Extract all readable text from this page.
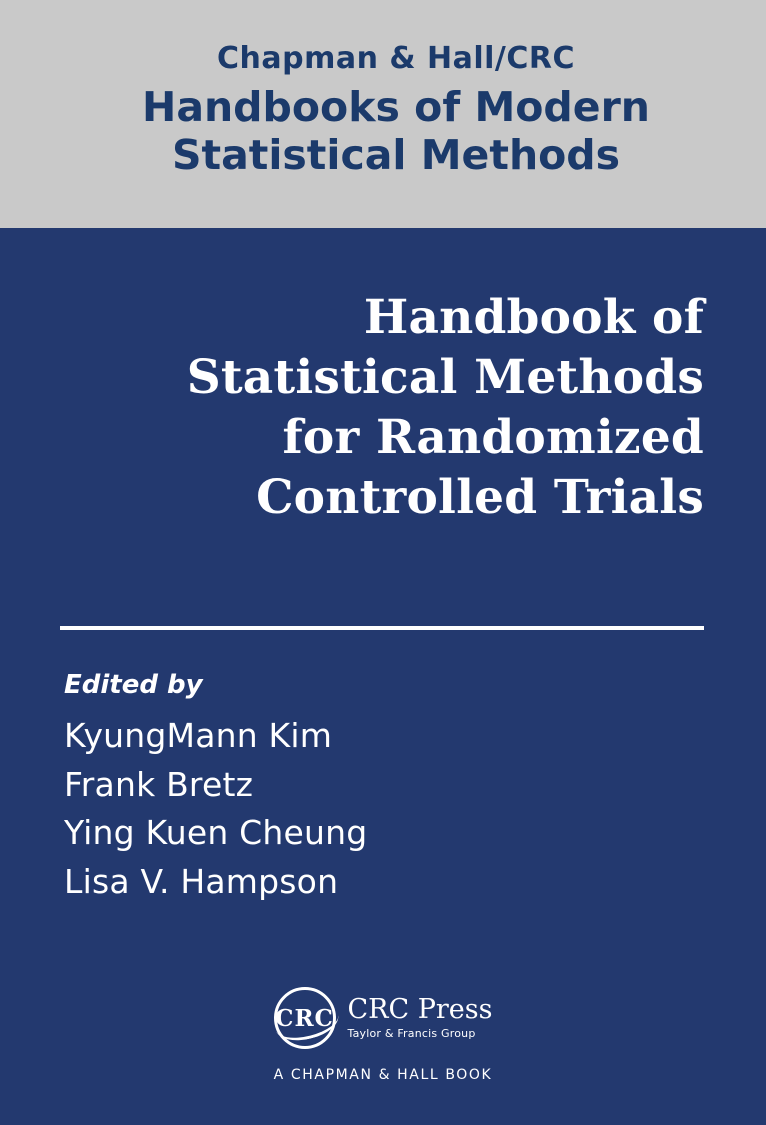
Chapman & Hall/CRC
Handbooks of Modern
Statistical Methods
Handbook of
Statistical Methods
for Randomized
Controlled Trials
Edited by
KyungMann Kim
Frank Bretz
Ying Kuen Cheung
Lisa V. Hampson
CRC CRC Press
Taylor & Francis Group
A CHAPMAN & HALL BOOK
